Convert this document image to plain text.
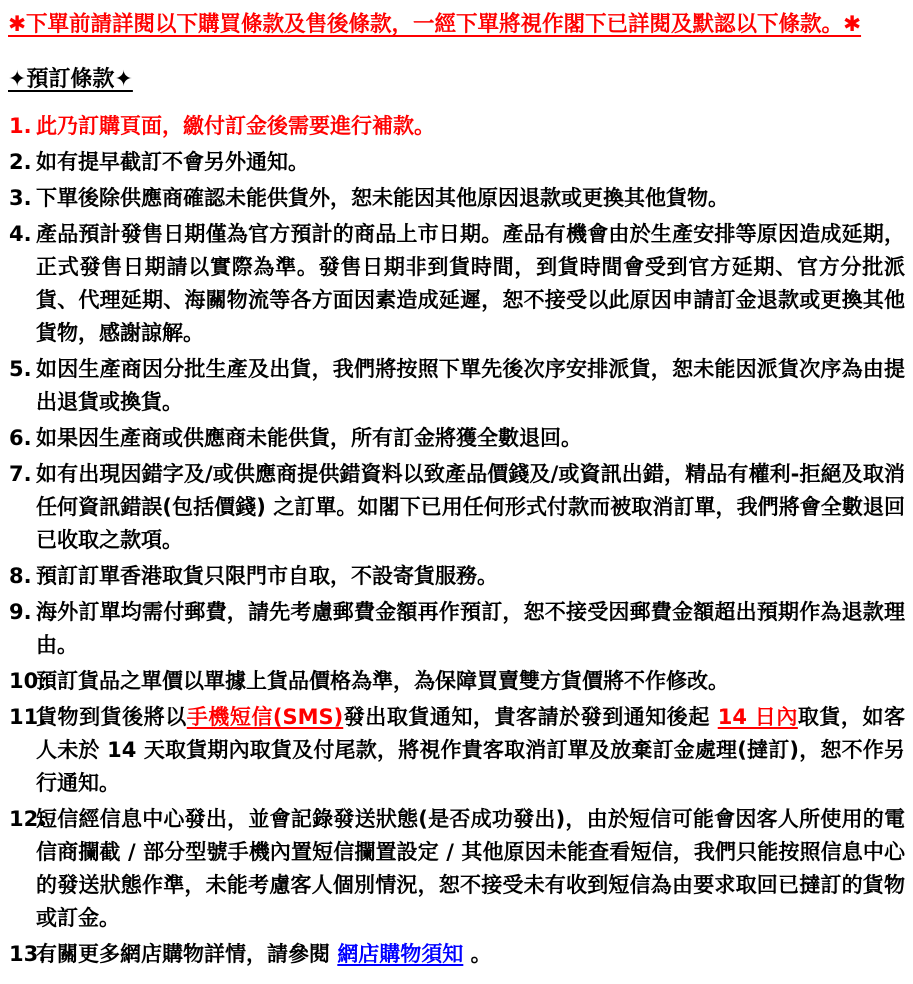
✱下單前請詳閱以下購買條款及售後條款，一經下單將視作閣下已詳閱及默認以下條款。✱
✦預訂條款✦
1. 此乃訂購頁面，繳付訂金後需要進行補款。
2. 如有提早截訂不會另外通知。
3. 下單後除供應商確認未能供貨外，恕未能因其他原因退款或更換其他貨物。
4. 產品預計發售日期僅為官方預計的商品上市日期。產品有機會由於生產安排等原因造成延期，正式發售日期請以實際為準。發售日期非到貨時間，到貨時間會受到官方延期、官方分批派貨、代理延期、海關物流等各方面因素造成延遲，恕不接受以此原因申請訂金退款或更換其他貨物，感謝諒解。
5. 如因生產商因分批生產及出貨，我們將按照下單先後次序安排派貨，恕未能因派貨次序為由提出退貨或換貨。
6. 如果因生產商或供應商未能供貨，所有訂金將獲全數退回。
7. 如有出現因錯字及/或供應商提供錯資料以致產品價錢及/或資訊出錯，精品有權利-拒絕及取消任何資訊錯誤(包括價錢) 之訂單。如閣下已用任何形式付款而被取消訂單，我們將會全數退回已收取之款項。
8. 預訂訂單香港取貨只限門市自取，不設寄貨服務。
9. 海外訂單均需付郵費，請先考慮郵費金額再作預訂，恕不接受因郵費金額超出預期作為退款理由。
10.
預訂貨品之單價以單據上貨品價格為準，為保障買賣雙方貨價將不作修改。
11.
貨物到貨後將以手機短信(SMS)發出取貨通知，貴客請於發到通知後起 14 日內取貨，如客人未於 14 天取貨期內取貨及付尾款，將視作貴客取消訂單及放棄訂金處理(撻訂)，恕不作另行通知。
12.
短信經信息中心發出，並會記錄發送狀態(是否成功發出)，由於短信可能會因客人所使用的電信商攔截 / 部分型號手機內置短信攔置設定 / 其他原因未能查看短信，我們只能按照信息中心的發送狀態作準，未能考慮客人個別情況，恕不接受未有收到短信為由要求取回已撻訂的貨物或訂金。
13.
有關更多網店購物詳情，請參閱 網店購物須知 。
